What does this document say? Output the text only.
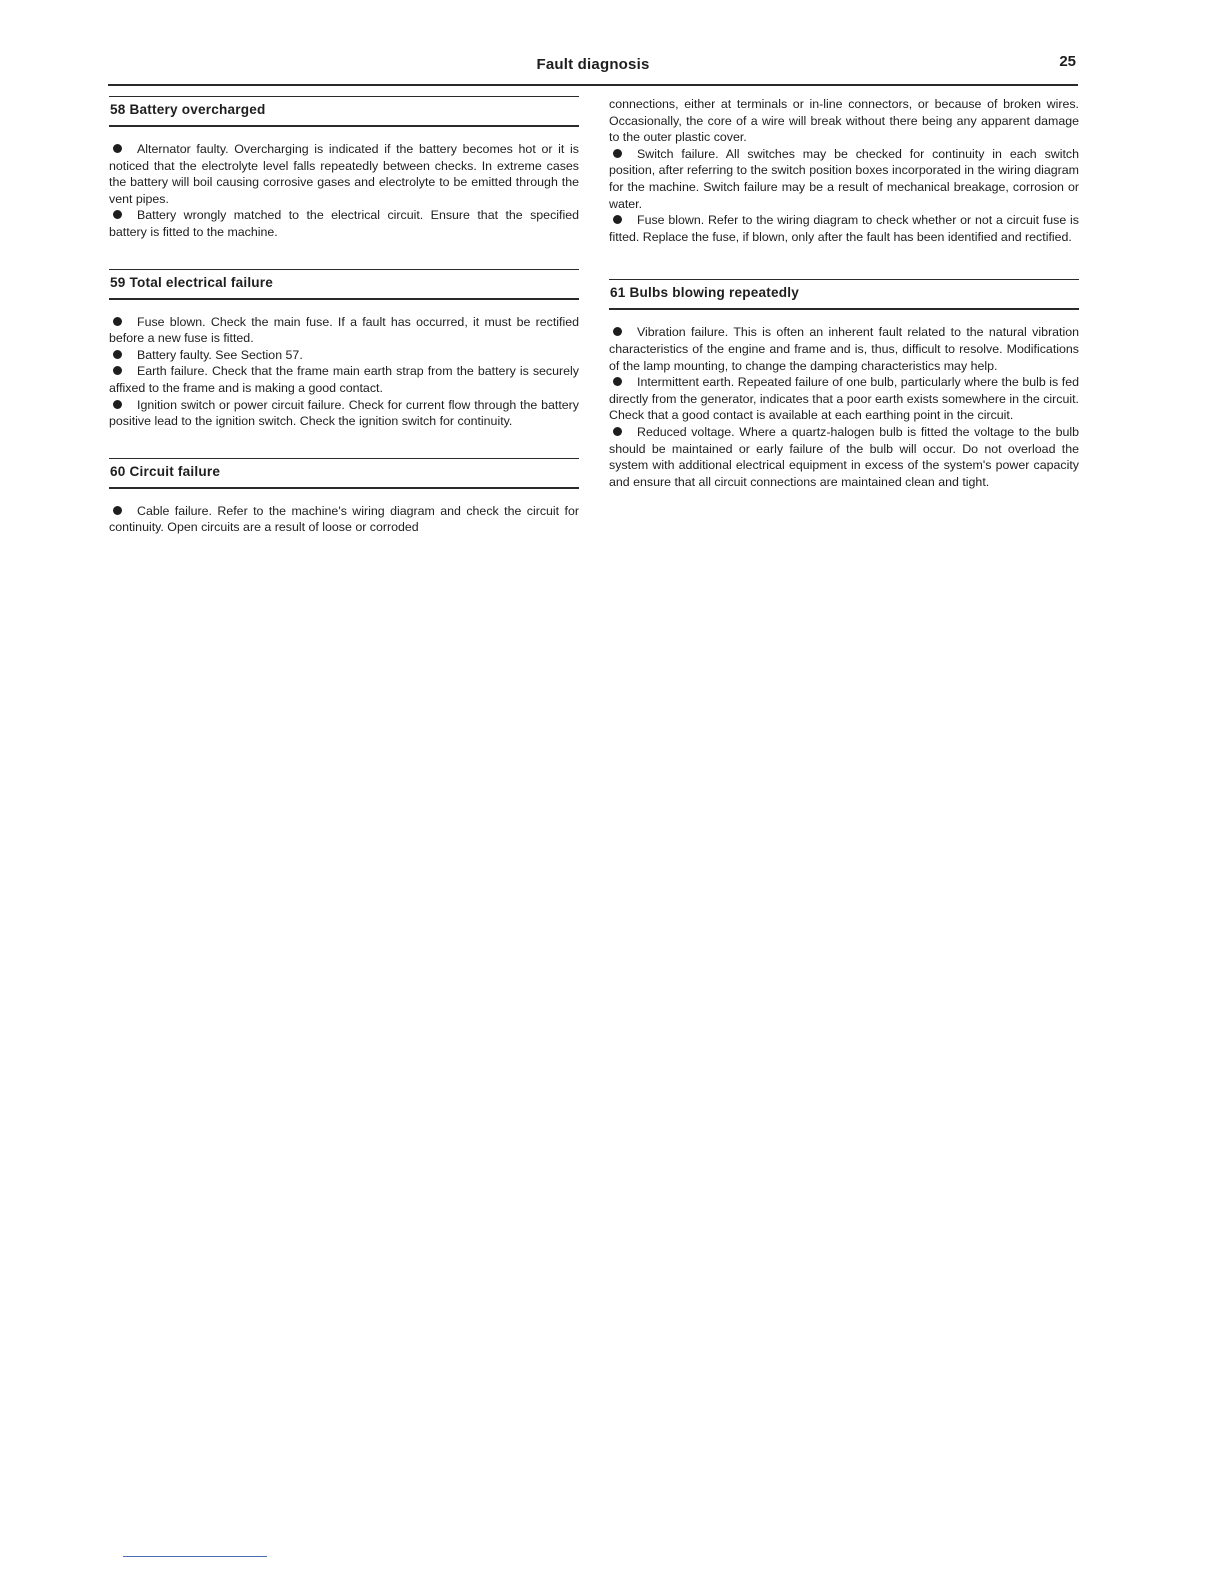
Fault diagnosis	25
58 Battery overcharged

Alternator faulty. Overcharging is indicated if the battery becomes hot or it is noticed that the electrolyte level falls repeatedly between checks. In extreme cases the battery will boil causing corrosive gases and electrolyte to be emitted through the vent pipes.

Battery wrongly matched to the electrical circuit. Ensure that the specified battery is fitted to the machine.

59 Total electrical failure

Fuse blown. Check the main fuse. If a fault has occurred, it must be rectified before a new fuse is fitted.

Battery faulty. See Section 57.

Earth failure. Check that the frame main earth strap from the battery is securely affixed to the frame and is making a good contact.

Ignition switch or power circuit failure. Check for current flow through the battery positive lead to the ignition switch. Check the ignition switch for continuity.

60 Circuit failure

Cable failure. Refer to the machine's wiring diagram and check the circuit for continuity. Open circuits are a result of loose or corroded

connections, either at terminals or in-line connectors, or because of broken wires. Occasionally, the core of a wire will break without there being any apparent damage to the outer plastic cover.

Switch failure. All switches may be checked for continuity in each switch position, after referring to the switch position boxes incorporated in the wiring diagram for the machine. Switch failure may be a result of mechanical breakage, corrosion or water.

Fuse blown. Refer to the wiring diagram to check whether or not a circuit fuse is fitted. Replace the fuse, if blown, only after the fault has been identified and rectified.

61 Bulbs blowing repeatedly

Vibration failure. This is often an inherent fault related to the natural vibration characteristics of the engine and frame and is, thus, difficult to resolve. Modifications of the lamp mounting, to change the damping characteristics may help.

Intermittent earth. Repeated failure of one bulb, particularly where the bulb is fed directly from the generator, indicates that a poor earth exists somewhere in the circuit. Check that a good contact is available at each earthing point in the circuit.

Reduced voltage. Where a quartz-halogen bulb is fitted the voltage to the bulb should be maintained or early failure of the bulb will occur. Do not overload the system with additional electrical equipment in excess of the system's power capacity and ensure that all circuit connections are maintained clean and tight.
